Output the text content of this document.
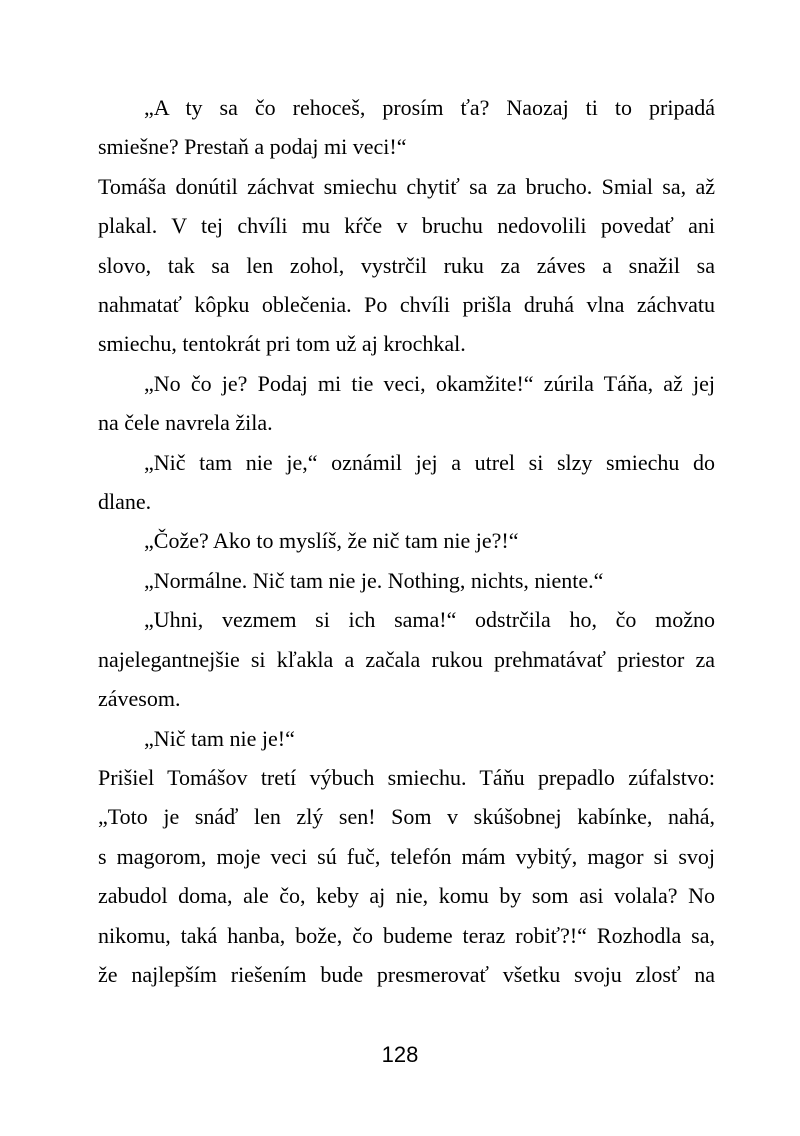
„A ty sa čo rehoceš, prosím ťa? Naozaj ti to pripadá
smiešne? Prestaň a podaj mi veci!“
Tomáša donútil záchvat smiechu chytiť sa za brucho. Smial sa, až
plakal. V tej chvíli mu kŕče v bruchu nedovolili povedať ani
slovo, tak sa len zohol, vystrčil ruku za záves a snažil sa
nahmatať kôpku oblečenia. Po chvíli prišla druhá vlna záchvatu
smiechu, tentokrát pri tom už aj krochkal.
„No čo je? Podaj mi tie veci, okamžite!“ zúrila Táňa, až jej
na čele navrela žila.
„Nič tam nie je,“ oznámil jej a utrel si slzy smiechu do
dlane.
„Čože? Ako to myslíš, že nič tam nie je?!“
„Normálne. Nič tam nie je. Nothing, nichts, niente.“
„Uhni, vezmem si ich sama!“ odstrčila ho, čo možno
najelegantnejšie si kľakla a začala rukou prehmatávať priestor za
závesom.
„Nič tam nie je!“
Prišiel Tomášov tretí výbuch smiechu. Táňu prepadlo zúfalstvo:
„Toto je snáď len zlý sen! Som v skúšobnej kabínke, nahá,
s magorom, moje veci sú fuč, telefón mám vybitý, magor si svoj
zabudol doma, ale čo, keby aj nie, komu by som asi volala? No
nikomu, taká hanba, bože, čo budeme teraz robiť?!“ Rozhodla sa,
že najlepším riešením bude presmerovať všetku svoju zlosť na
128
